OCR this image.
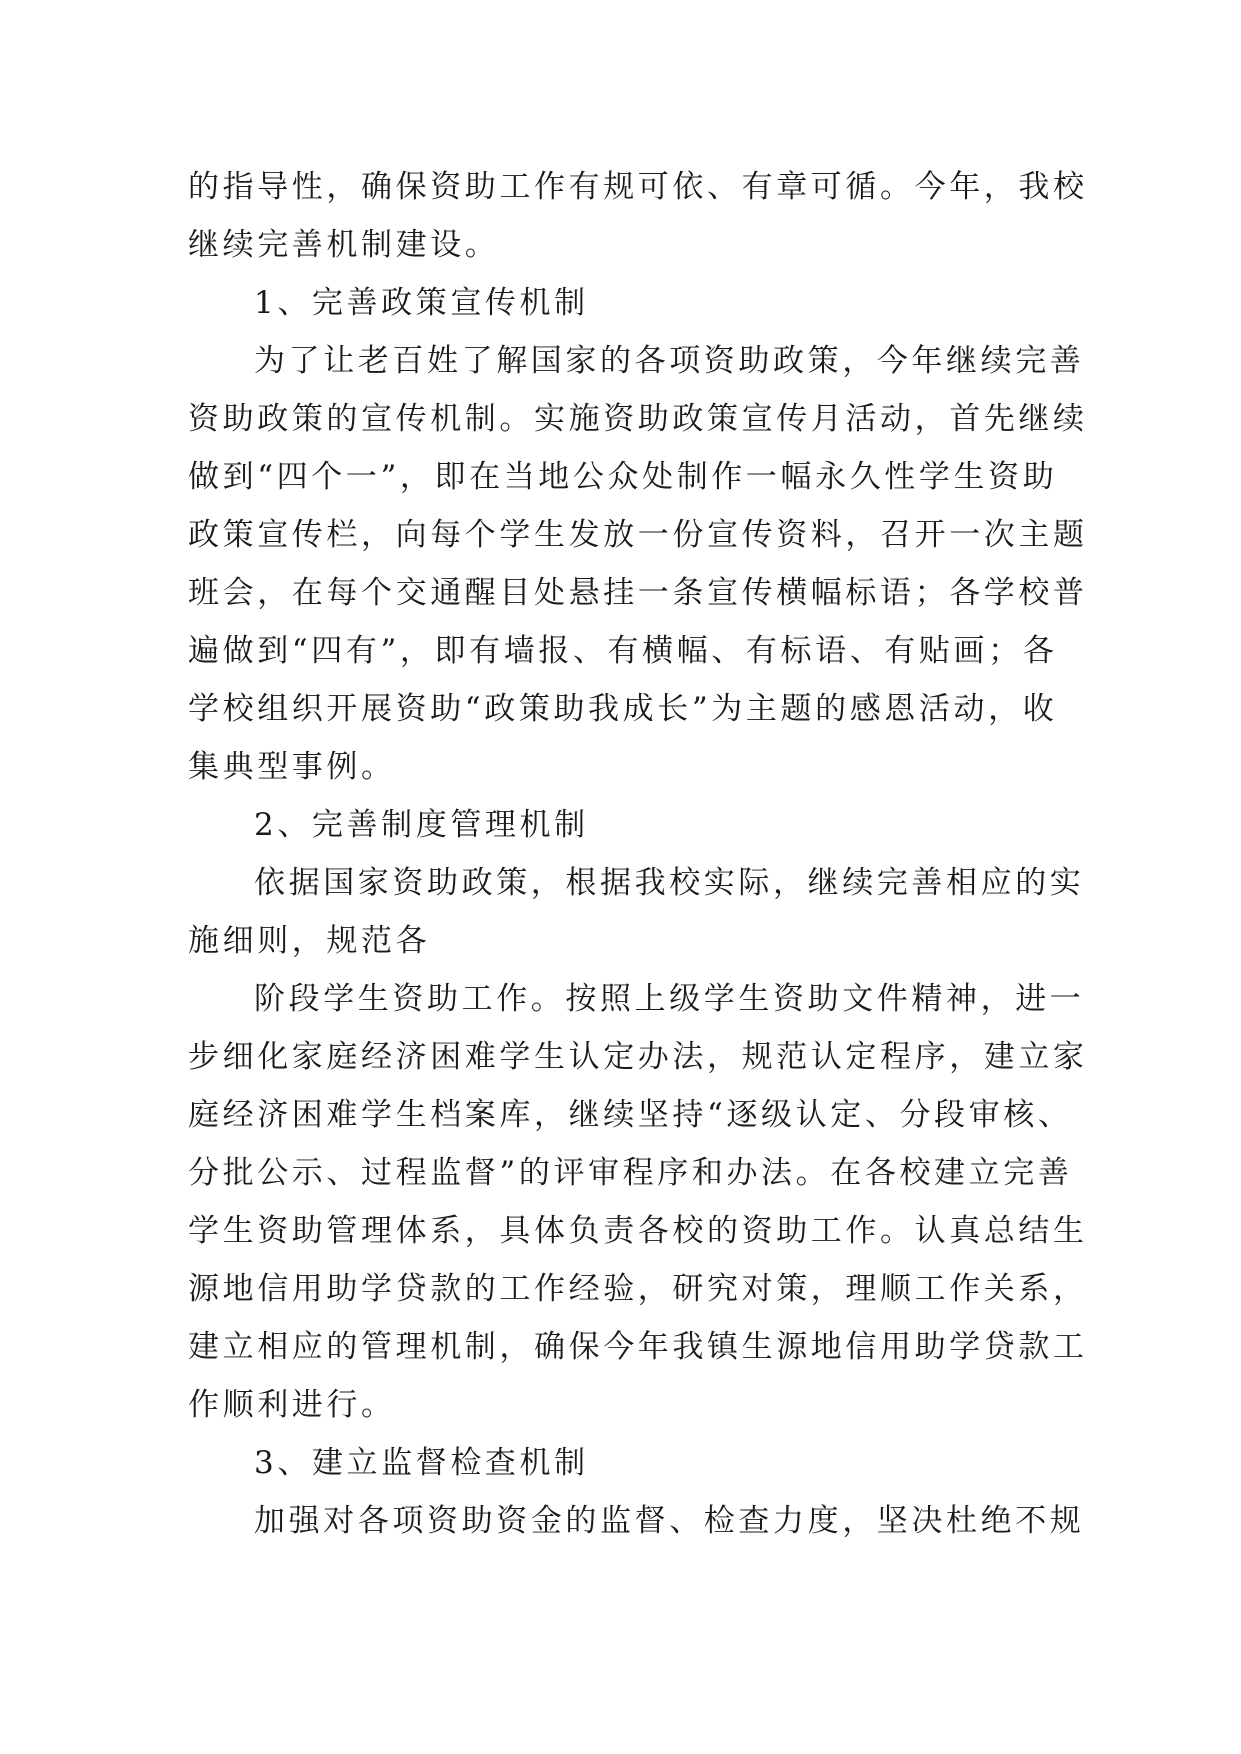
的指导性，确保资助工作有规可依、有章可循。今年，我校
继续完善机制建设。
1、完善政策宣传机制
为了让老百姓了解国家的各项资助政策，今年继续完善
资助政策的宣传机制。实施资助政策宣传月活动，首先继续
做到“四个一”，即在当地公众处制作一幅永久性学生资助
政策宣传栏，向每个学生发放一份宣传资料，召开一次主题
班会，在每个交通醒目处悬挂一条宣传横幅标语；各学校普
遍做到“四有”，即有墙报、有横幅、有标语、有贴画；各
学校组织开展资助“政策助我成长”为主题的感恩活动，收
集典型事例。
2、完善制度管理机制
依据国家资助政策，根据我校实际，继续完善相应的实
施细则，规范各
阶段学生资助工作。按照上级学生资助文件精神，进一
步细化家庭经济困难学生认定办法，规范认定程序，建立家
庭经济困难学生档案库，继续坚持“逐级认定、分段审核、
分批公示、过程监督”的评审程序和办法。在各校建立完善
学生资助管理体系，具体负责各校的资助工作。认真总结生
源地信用助学贷款的工作经验，研究对策，理顺工作关系，
建立相应的管理机制，确保今年我镇生源地信用助学贷款工
作顺利进行。
3、建立监督检查机制
加强对各项资助资金的监督、检查力度，坚决杜绝不规
